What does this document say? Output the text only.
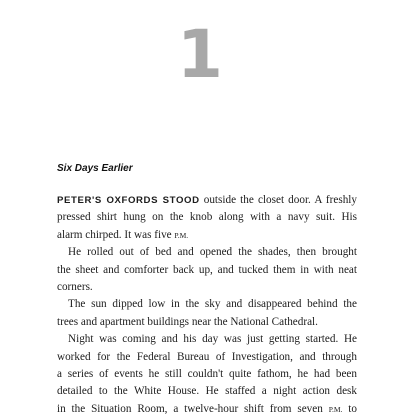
1
Six Days Earlier
PETER'S OXFORDS STOOD outside the closet door. A freshly
pressed shirt hung on the knob along with a navy suit. His
alarm chirped. It was five P.M.
He rolled out of bed and opened the shades, then brought
the sheet and comforter back up, and tucked them in with neat
corners.
The sun dipped low in the sky and disappeared behind the
trees and apartment buildings near the National Cathedral.
Night was coming and his day was just getting started. He
worked for the Federal Bureau of Investigation, and through
a series of events he still couldn't quite fathom, he had been
detailed to the White House. He staffed a night action desk
in the Situation Room, a twelve-hour shift from seven P.M. to
